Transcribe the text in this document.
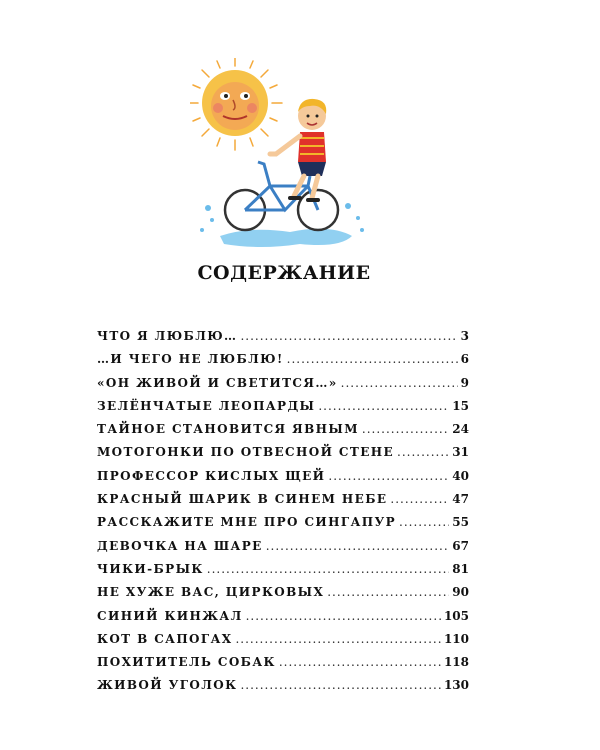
СОДЕРЖАНИЕ
ЧТО Я ЛЮБЛЮ… .....	3
…И ЧЕГО НЕ ЛЮБЛЮ! .....	6
«ОН ЖИВОЙ И СВЕТИТСЯ…» .....	9
ЗЕЛЁНЧАТЫЕ ЛЕОПАРДЫ .....	15
ТАЙНОЕ СТАНОВИТСЯ ЯВНЫМ .....	24
МОТОГОНКИ ПО ОТВЕСНОЙ СТЕНЕ .....	31
ПРОФЕССОР КИСЛЫХ ЩЕЙ .....	40
КРАСНЫЙ ШАРИК В СИНЕМ НЕБЕ .....	47
РАССКАЖИТЕ МНЕ ПРО СИНГАПУР .....	55
ДЕВОЧКА НА ШАРЕ .....	67
ЧИКИ-БРЫК .....	81
НЕ ХУЖЕ ВАС, ЦИРКОВЫХ .....	90
СИНИЙ КИНЖАЛ .....	105
КОТ В САПОГАХ .....	110
ПОХИТИТЕЛЬ СОБАК .....	118
ЖИВОЙ УГОЛОК .....	130
